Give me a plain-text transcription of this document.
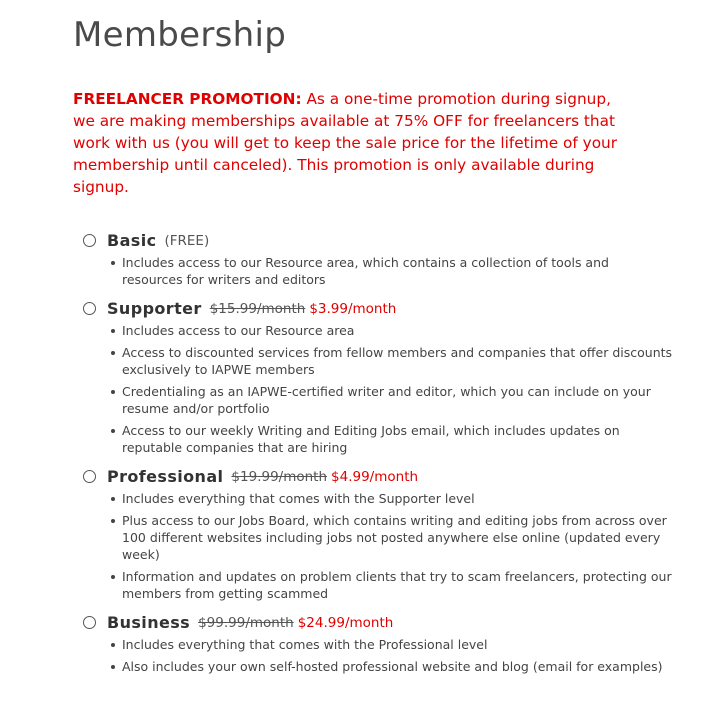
Membership

FREELANCER PROMOTION: As a one-time promotion during signup, we are making memberships available at 75% OFF for freelancers that work with us (you will get to keep the sale price for the lifetime of your membership until canceled). This promotion is only available during signup.

Basic (FREE)
Includes access to our Resource area, which contains a collection of tools and resources for writers and editors
Supporter $15.99/month $3.99/month
Includes access to our Resource area
Access to discounted services from fellow members and companies that offer discounts exclusively to IAPWE members
Credentialing as an IAPWE-certified writer and editor, which you can include on your resume and/or portfolio
Access to our weekly Writing and Editing Jobs email, which includes updates on reputable companies that are hiring
Professional $19.99/month $4.99/month
Includes everything that comes with the Supporter level
Plus access to our Jobs Board, which contains writing and editing jobs from across over 100 different websites including jobs not posted anywhere else online (updated every week)
Information and updates on problem clients that try to scam freelancers, protecting our members from getting scammed
Business $99.99/month $24.99/month
Includes everything that comes with the Professional level
Also includes your own self-hosted professional website and blog (email for examples)
